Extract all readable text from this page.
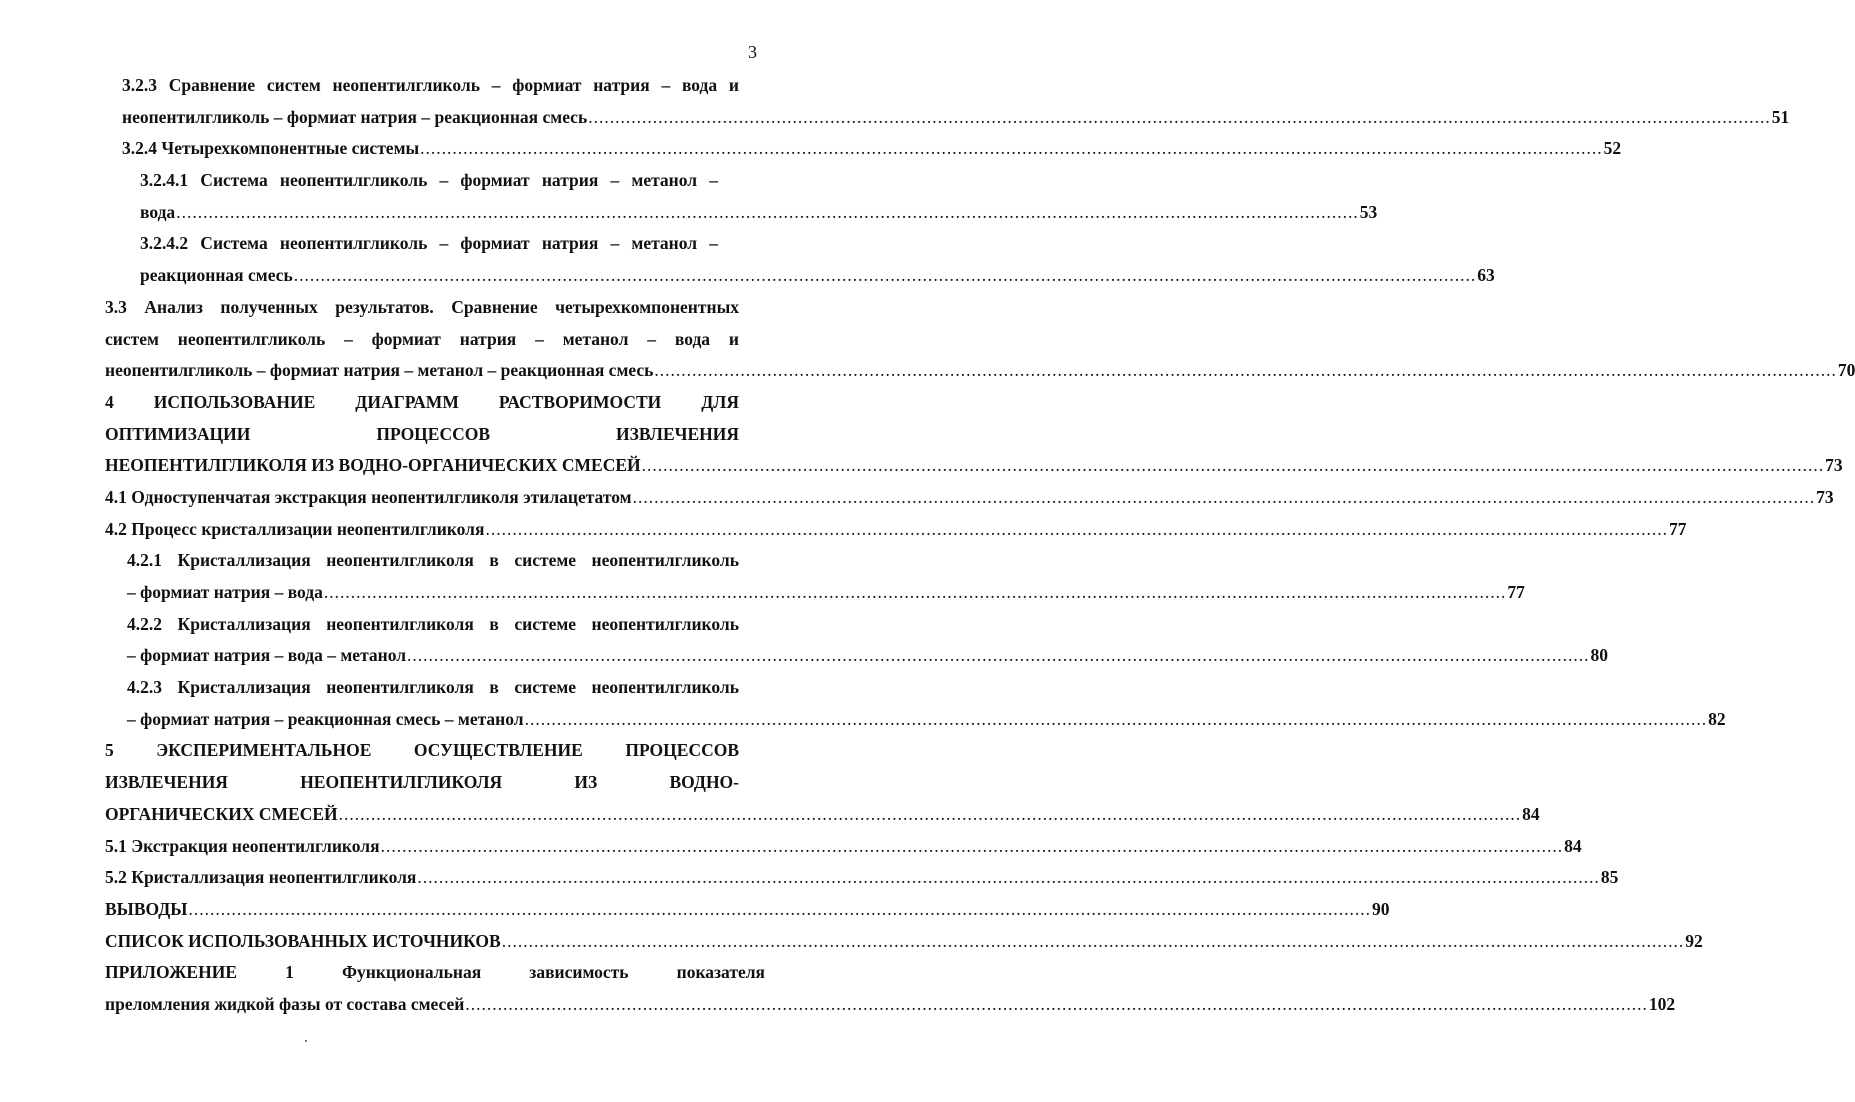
3
3.2.3 Сравнение систем неопентилгликоль – формиат натрия – вода и
неопентилгликоль – формиат натрия – реакционная смесь ............................................................................................................................................................................................................................ 51
3.2.4 Четырехкомпонентные системы ............................................................................................................................................................................................................................ 52
3.2.4.1 Система неопентилгликоль – формиат натрия – метанол –
вода ............................................................................................................................................................................................................................ 53
3.2.4.2 Система неопентилгликоль – формиат натрия – метанол –
реакционная смесь ............................................................................................................................................................................................................................ 63
3.3 Анализ полученных результатов. Сравнение четырехкомпонентных
систем неопентилгликоль – формиат натрия – метанол – вода и
неопентилгликоль – формиат натрия – метанол – реакционная смесь ............................................................................................................................................................................................................................ 70
4 ИСПОЛЬЗОВАНИЕ ДИАГРАММ РАСТВОРИМОСТИ ДЛЯ
ОПТИМИЗАЦИИ ПРОЦЕССОВ ИЗВЛЕЧЕНИЯ
НЕОПЕНТИЛГЛИКОЛЯ ИЗ ВОДНО-ОРГАНИЧЕСКИХ СМЕСЕЙ ............................................................................................................................................................................................................................ 73
4.1 Одноступенчатая экстракция неопентилгликоля этилацетатом ............................................................................................................................................................................................................................ 73
4.2 Процесс кристаллизации неопентилгликоля ............................................................................................................................................................................................................................ 77
4.2.1 Кристаллизация неопентилгликоля в системе неопентилгликоль
– формиат натрия – вода ............................................................................................................................................................................................................................ 77
4.2.2 Кристаллизация неопентилгликоля в системе неопентилгликоль
– формиат натрия – вода – метанол ............................................................................................................................................................................................................................ 80
4.2.3 Кристаллизация неопентилгликоля в системе неопентилгликоль
– формиат натрия – реакционная смесь – метанол ............................................................................................................................................................................................................................ 82
5 ЭКСПЕРИМЕНТАЛЬНОЕ ОСУЩЕСТВЛЕНИЕ ПРОЦЕССОВ
ИЗВЛЕЧЕНИЯ НЕОПЕНТИЛГЛИКОЛЯ ИЗ ВОДНО-
ОРГАНИЧЕСКИХ СМЕСЕЙ ............................................................................................................................................................................................................................ 84
5.1 Экстракция неопентилгликоля ............................................................................................................................................................................................................................ 84
5.2 Кристаллизация неопентилгликоля ............................................................................................................................................................................................................................ 85
ВЫВОДЫ ............................................................................................................................................................................................................................ 90
СПИСОК ИСПОЛЬЗОВАННЫХ ИСТОЧНИКОВ ............................................................................................................................................................................................................................ 92
ПРИЛОЖЕНИЕ 1 Функциональная зависимость показателя
преломления жидкой фазы от состава смесей ............................................................................................................................................................................................................................ 102
